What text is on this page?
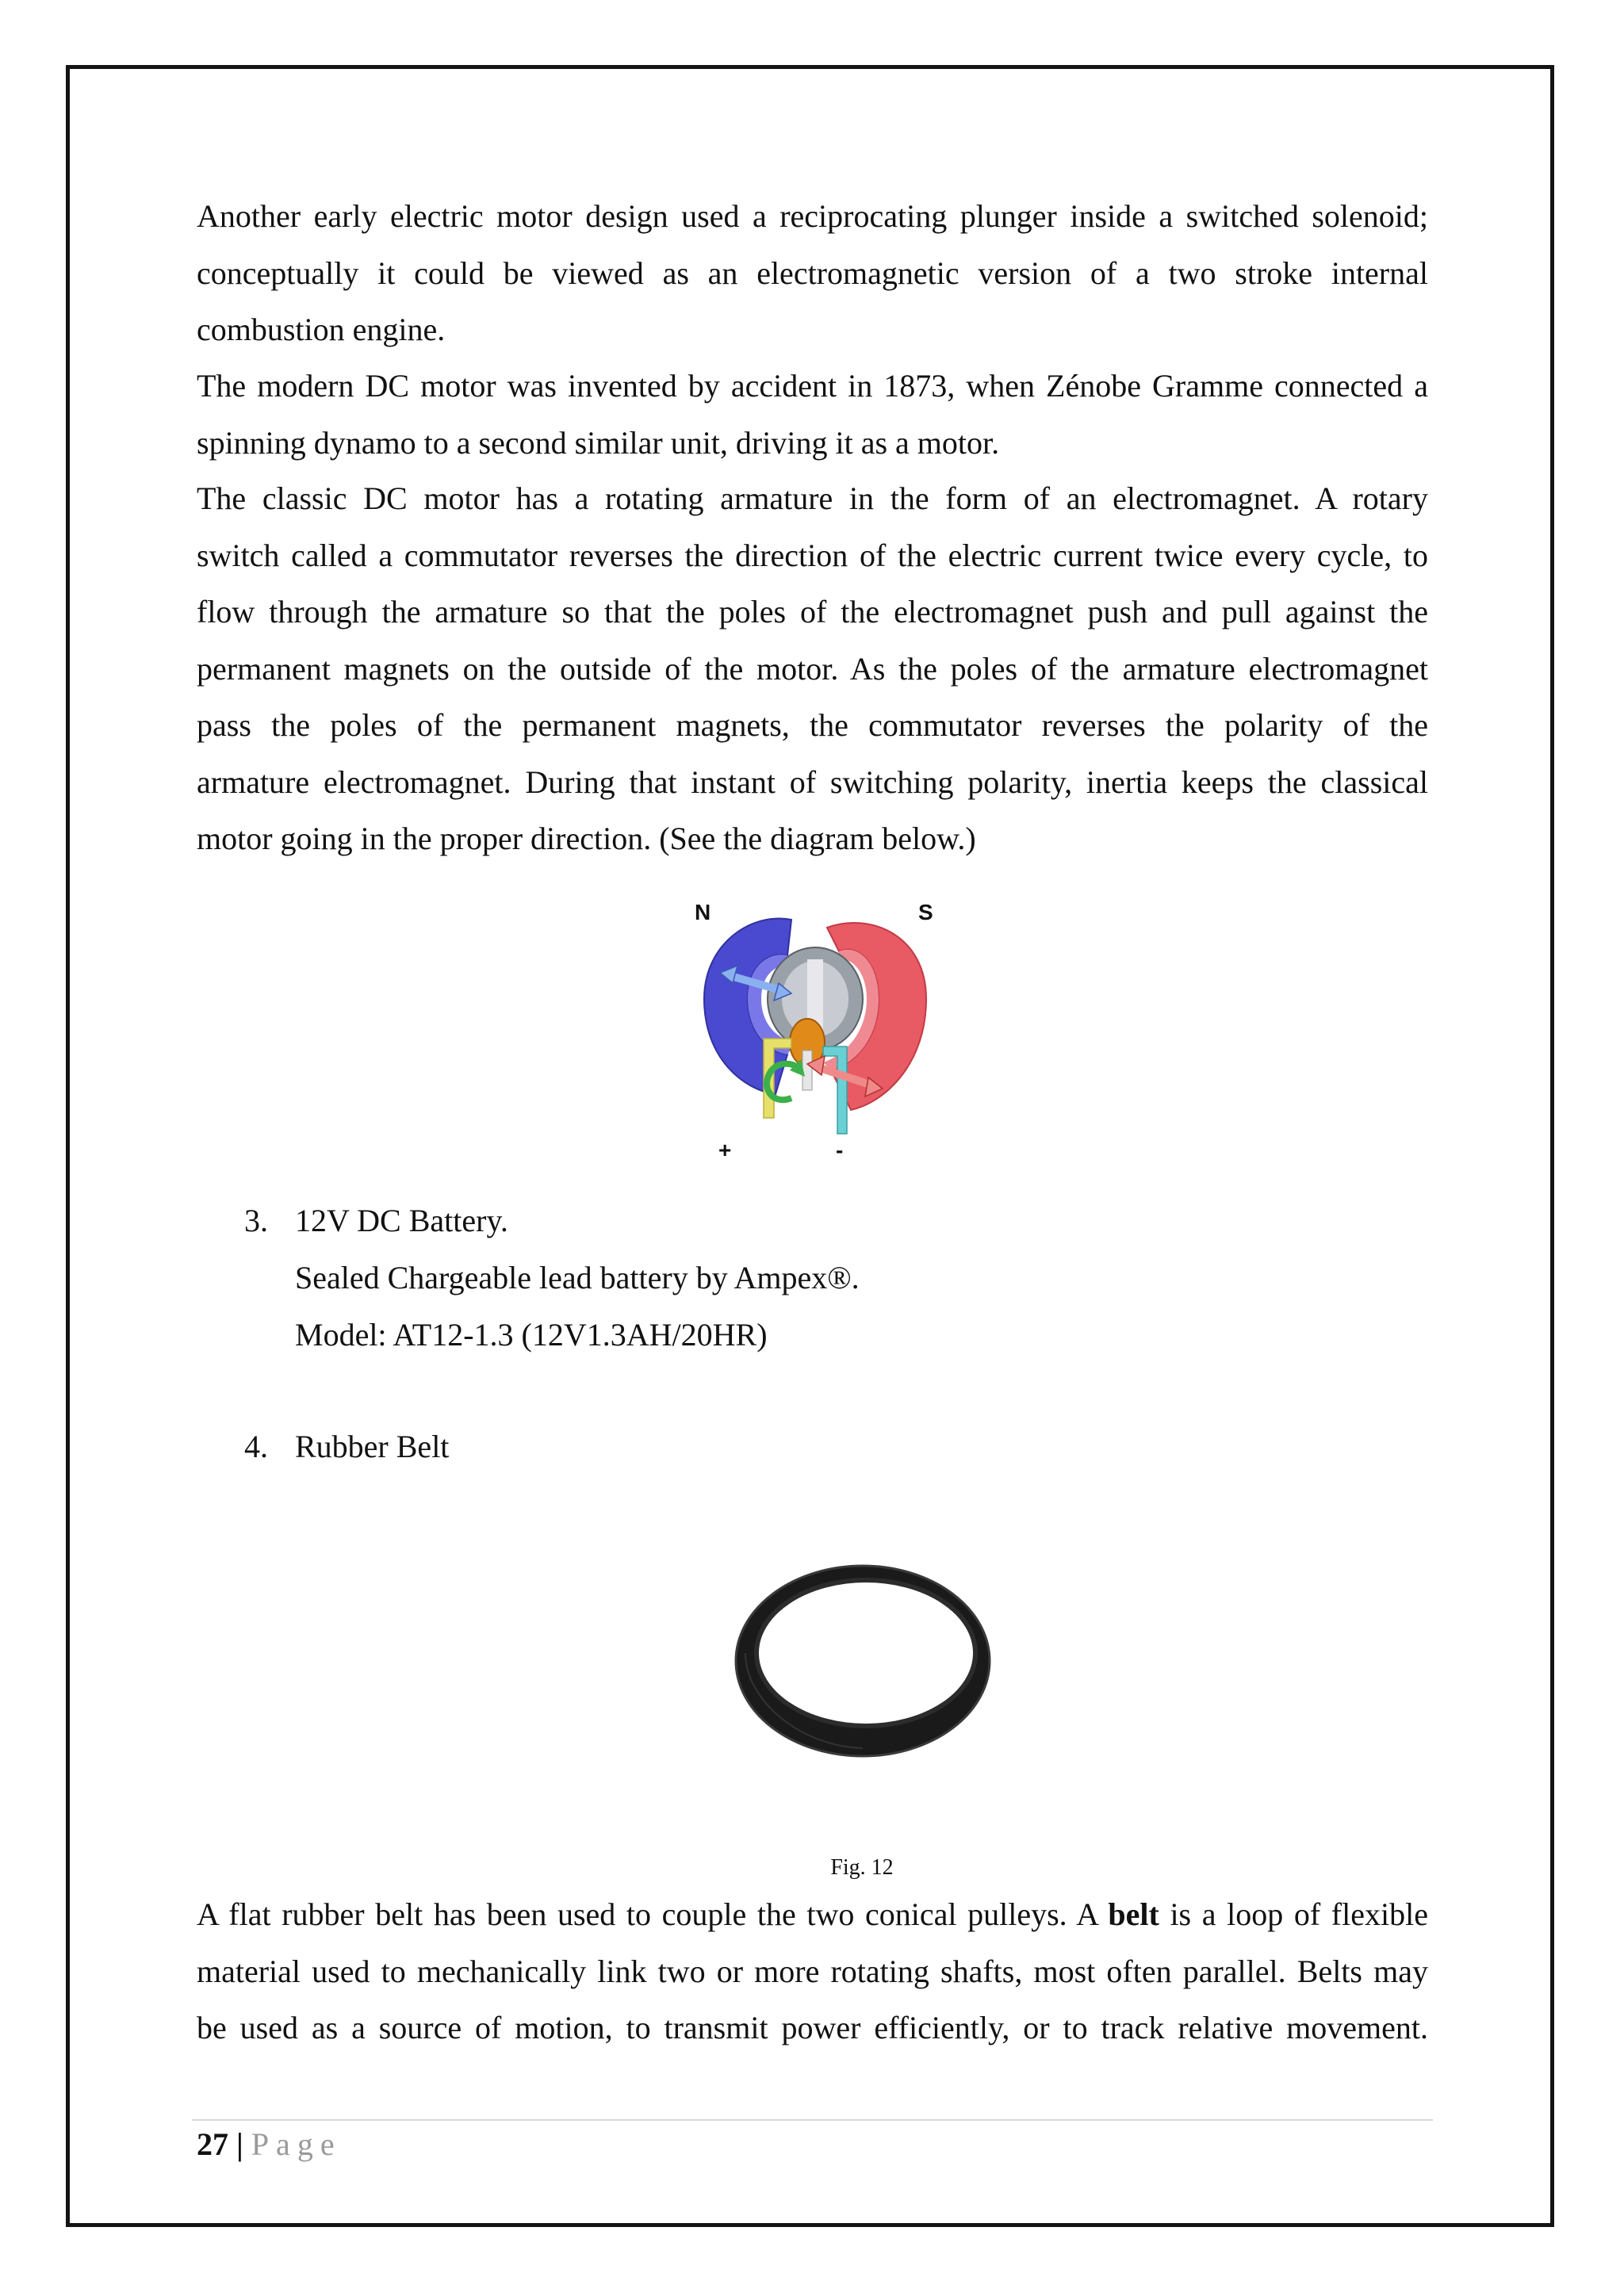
Another early electric motor design used a reciprocating plunger inside a switched solenoid;
conceptually it could be viewed as an electromagnetic version of a two stroke internal
combustion engine.
The modern DC motor was invented by accident in 1873, when Zénobe Gramme connected a
spinning dynamo to a second similar unit, driving it as a motor.
The classic DC motor has a rotating armature in the form of an electromagnet. A rotary
switch called a commutator reverses the direction of the electric current twice every cycle, to
flow through the armature so that the poles of the electromagnet push and pull against the
permanent magnets on the outside of the motor. As the poles of the armature electromagnet
pass the poles of the permanent magnets, the commutator reverses the polarity of the
armature electromagnet. During that instant of switching polarity, inertia keeps the classical
motor going in the proper direction. (See the diagram below.)
N	S
+	-
3. 12V DC Battery.
Sealed Chargeable lead battery by Ampex®.
Model: AT12-1.3 (12V1.3AH/20HR)
4. Rubber Belt
Fig. 12
A flat rubber belt has been used to couple the two conical pulleys. A belt is a loop of flexible
material used to mechanically link two or more rotating shafts, most often parallel. Belts may
be used as a source of motion, to transmit power efficiently, or to track relative movement.
27 | Page
